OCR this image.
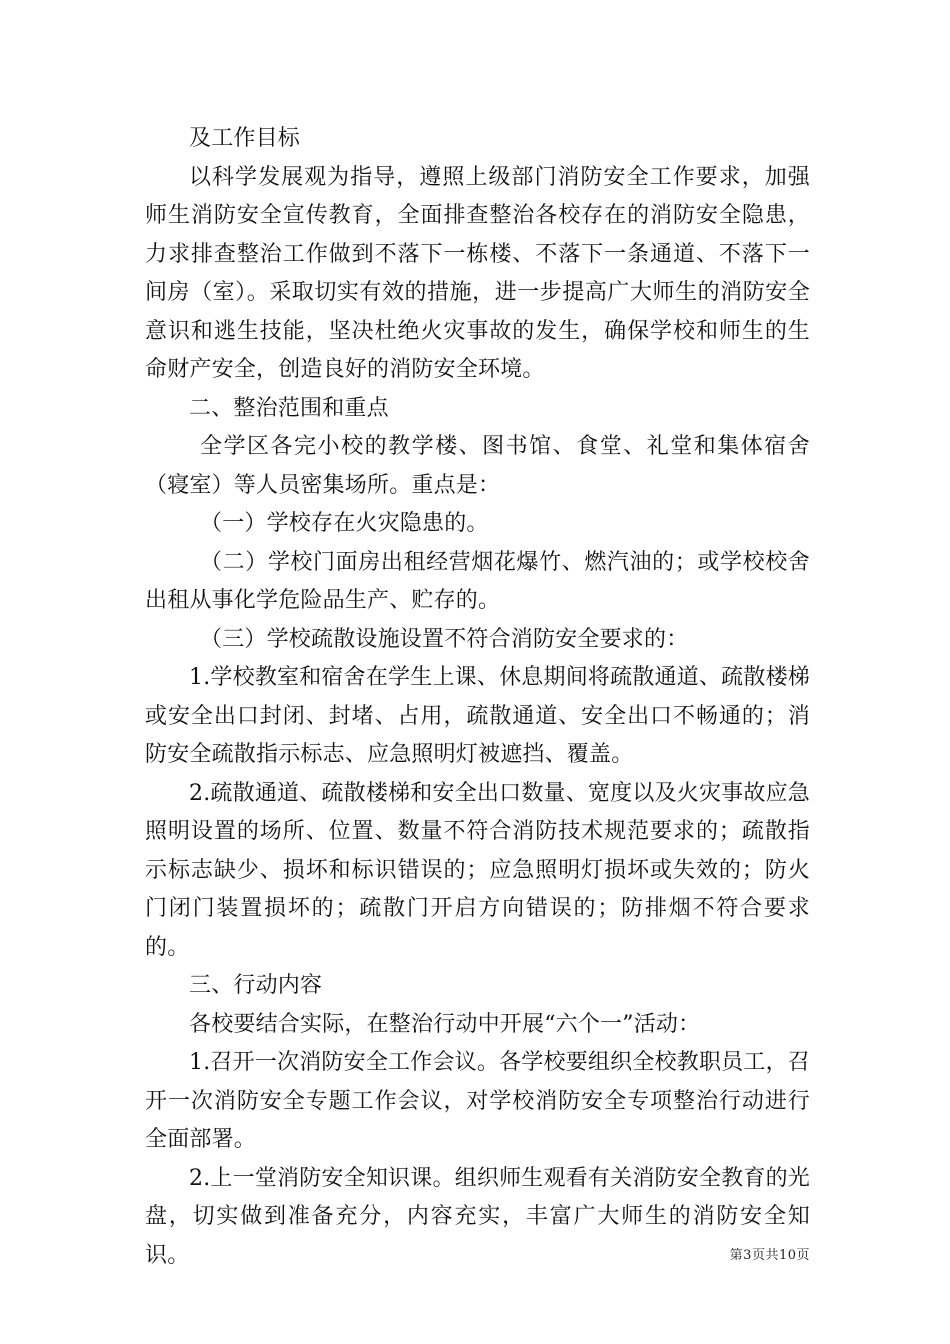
及工作目标

以科学发展观为指导，遵照上级部门消防安全工作要求，加强师生消防安全宣传教育，全面排查整治各校存在的消防安全隐患，力求排查整治工作做到不落下一栋楼、不落下一条通道、不落下一间房（室）。采取切实有效的措施，进一步提高广大师生的消防安全意识和逃生技能，坚决杜绝火灾事故的发生，确保学校和师生的生命财产安全，创造良好的消防安全环境。

二、整治范围和重点

全学区各完小校的教学楼、图书馆、食堂、礼堂和集体宿舍（寝室）等人员密集场所。重点是：

（一）学校存在火灾隐患的。

（二）学校门面房出租经营烟花爆竹、燃汽油的；或学校校舍出租从事化学危险品生产、贮存的。

（三）学校疏散设施设置不符合消防安全要求的：

1.学校教室和宿舍在学生上课、休息期间将疏散通道、疏散楼梯或安全出口封闭、封堵、占用，疏散通道、安全出口不畅通的；消防安全疏散指示标志、应急照明灯被遮挡、覆盖。

2.疏散通道、疏散楼梯和安全出口数量、宽度以及火灾事故应急照明设置的场所、位置、数量不符合消防技术规范要求的；疏散指示标志缺少、损坏和标识错误的；应急照明灯损坏或失效的；防火门闭门装置损坏的；疏散门开启方向错误的；防排烟不符合要求的。

三、行动内容

各校要结合实际，在整治行动中开展“六个一”活动：

1.召开一次消防安全工作会议。各学校要组织全校教职员工，召开一次消防安全专题工作会议，对学校消防安全专项整治行动进行全面部署。

2.上一堂消防安全知识课。组织师生观看有关消防安全教育的光盘，切实做到准备充分，内容充实，丰富广大师生的消防安全知识。	第3页共10页
